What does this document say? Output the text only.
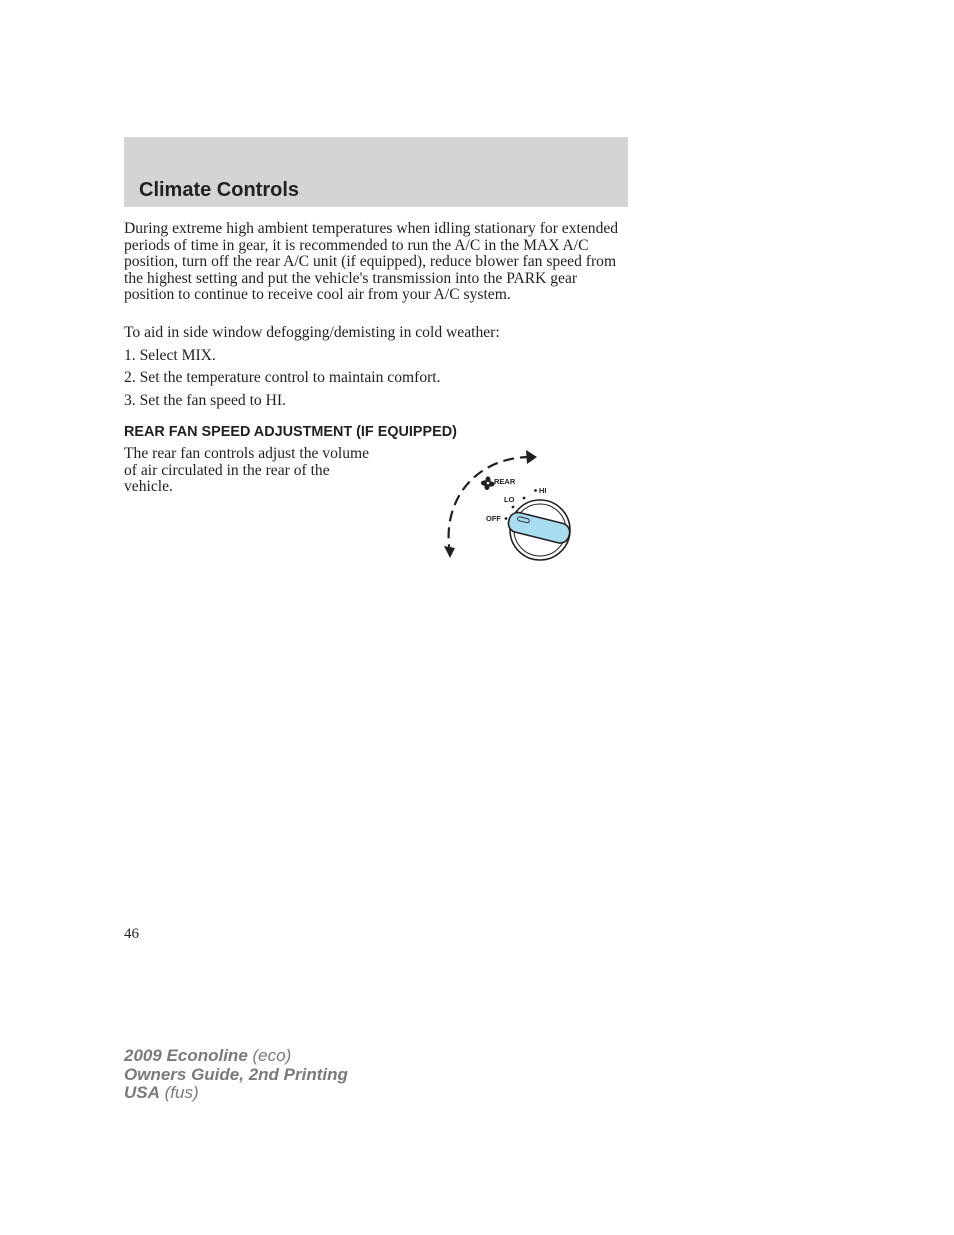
Climate Controls

During extreme high ambient temperatures when idling stationary for extended periods of time in gear, it is recommended to run the A/C in the MAX A/C position, turn off the rear A/C unit (if equipped), reduce blower fan speed from the highest setting and put the vehicle's transmission into the PARK gear position to continue to receive cool air from your A/C system.

To aid in side window defogging/demisting in cold weather:

1. Select MIX.

2. Set the temperature control to maintain comfort.

3. Set the fan speed to HI.

REAR FAN SPEED ADJUSTMENT (IF EQUIPPED)

The rear fan controls adjust the volume of air circulated in the rear of the vehicle.	REAR
HI
LO
OFF

46

2009 Econoline (eco)
Owners Guide, 2nd Printing
USA (fus)
